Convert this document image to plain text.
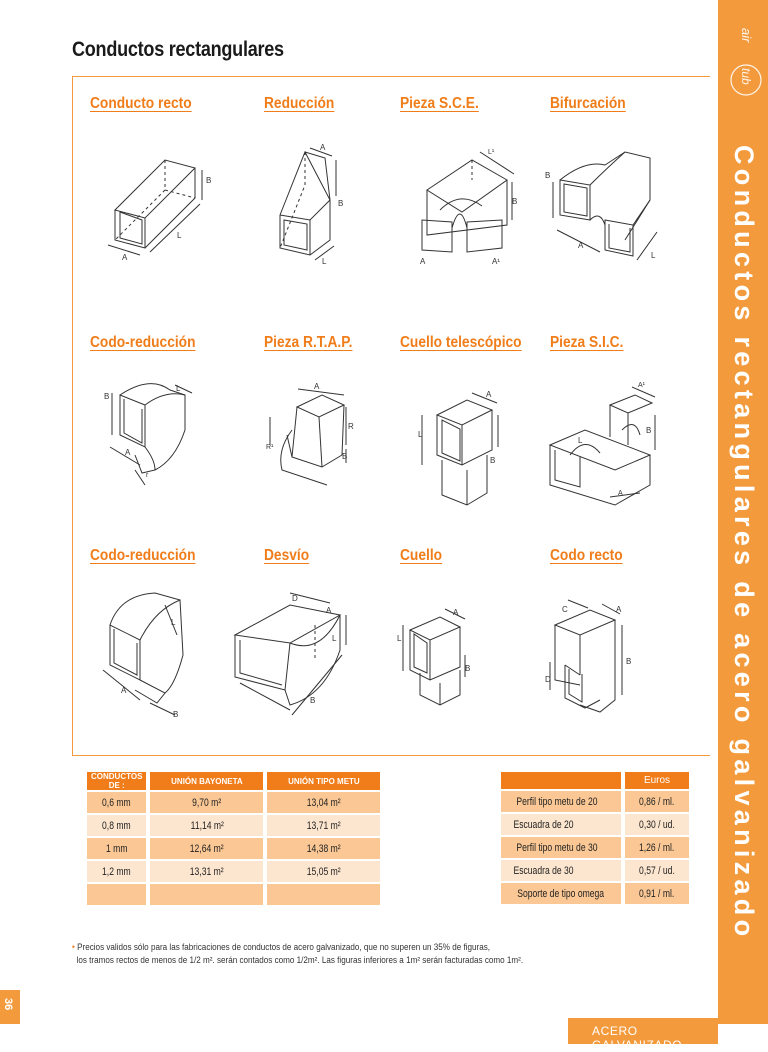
air
tub
Conductos rectangulares de acero galvanizado
Conductos rectangulares
Conducto recto	Reducción	Pieza S.C.E.	Bifurcación
Codo-reducción	Pieza R.T.A.P.	Cuello telescópico Pieza S.I.C.
Codo-reducción	Desvío	Cuello	Codo recto
B
A
L
A
B
L
L¹
B
A	A¹
B
A
L
B
L
A
r
A
R
R¹
B
A
L
B
A¹
L
B
A
L
A
B
D
A
L
B
A
B
L
C	A
D
B
CONDUCTOS DE :	UNIÓN BAYONETA	UNIÓN TIPO METU
0,6 mm	9,70 m²	13,04 m²
0,8 mm	11,14 m²	13,71 m²
1 mm	12,64 m²	14,38 m²
1,2 mm	13,31 m²	15,05 m²

	Euros
Perfil tipo metu de 20	0,86 / ml.
Escuadra de 20	0,30 / ud.
Perfil tipo metu de 30	1,26 / ml.
Escuadra de 30	0,57 / ud.
Soporte de tipo omega	0,91 / ml.
• Precios validos sólo para las fabricaciones de conductos de acero galvanizado, que no superen un 35% de figuras,
los tramos rectos de menos de 1/2 m². serán contados como 1/2m². Las figuras inferiores a 1m² serán facturadas como 1m².
36
ACERO GALVANIZADO
